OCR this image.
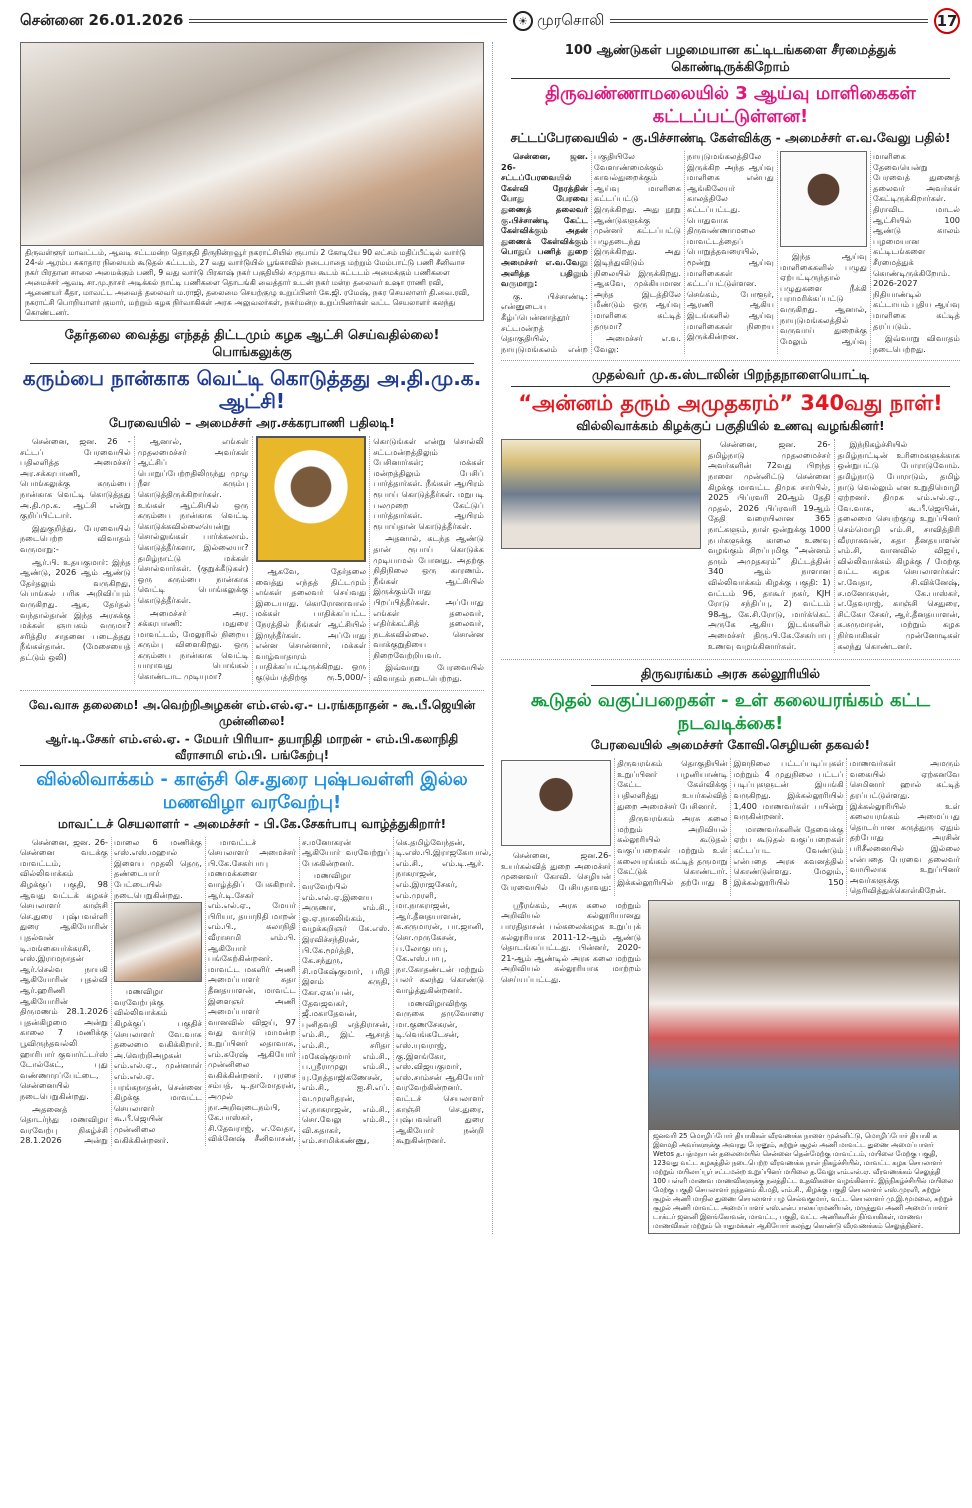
சென்னை 26.01.2026	☀ முரசொலி	17
திருவள்ளூர் மாவட்டம், ஆவடி சட்டமன்ற தொகுதி திருநின்றவூர் நகராட்சியில் ரூபாய் 2 கோடியே 90 லட்சம் மதிப்பீட்டில் வார்டு 24-ல் ஆரம்ப சுகாதார நிலையம் கூடுதல் கட்டடம், 27 வது வார்டுயில் பூங்காவில் நடைபாதை மற்றும் மேம்பாட்டு பணி சீனிவாச நகர் பிரதான சாலை அமைக்கும் பணி, 9 வது வார்டு பிரகாஷ் நகர் பகுதியில் சமுதாய கூடம் கட்டடம் அமைக்கும் பணிகளை அமைச்சர் ஆவடி சா.மு.நாசர் அடிக்கல் நாட்டி பணிகளை தொடங்கி வைத்தார் உடன் நகர் மன்ற தலைவர் உஷா ராணி ரவி, ஆணையர் கீதா, மாவட்ட அவைத் தலைவர் ம.ராஜி, தலைமை செயற்குழு உறுப்பினர் கே.ஜி. ரமேஷ், நகர செயலாளர் தி.வை.ரவி, நகராட்சி பொறியாளர் குமார், மற்றும் கழக நிர்வாகிகள் அரசு அலுவலர்கள், நகர்மன்ற உறுப்பினர்கள் வட்ட செயலாளர் கலந்து கொண்டனர்.
தேர்தலை வைத்து எந்தத் திட்டமும் கழக ஆட்சி செய்வதில்லை! பொங்கலுக்கு
கரும்பை நான்காக வெட்டி கொடுத்தது அ.தி.மு.க. ஆட்சி!
பேரவையில் – அமைச்சர் அர.சக்கரபாணி பதிலடி!

சென்னை, ஜன. 26 - சட்டப் பேரவையில் பதிலளித்த அமைச்சர் அர.சக்கரபாணி, பொங்கலுக்கு கரும்பை நான்காக வெட்டி கொடுத்தது அ.தி.மு.க. ஆட்சி என்று குறிப்பிட்டார்.

இதுகுறித்து, பேரவையில் நடைபெற்ற விவாதம் வருமாறு:-

ஆர்.பி. உதயகுமார்: இந்த ஆண்டு, 2026 ஆம் ஆண்டு தேர்தலும் வருகிறது, பொங்கல் பரிசு அறிவிப்பும் வருகிறது. ஆக, தேர்தல் வந்தால்தான் இந்த அரசுக்கு மக்கள் ஞாபகம் வருமா? சரித்திர சாதனை படைத்தது நீங்கள்தான். (மேசையைத் தட்டும் ஒலி)

ஆனால், எங்கள் முதலமைச்சர் அவர்கள் ஆட்சிப் பொறுப்பேற்றதிலிருந்து முழு நீள கரும்பு கொடுத்திருக்கிறார்கள். உங்கள் ஆட்சியில் ஒரு கரும்பை நான்காக வெட்டி கொடுக்கவில்லையென்று சொல்லுங்கள் பார்க்கலாம். கொடுத்தீர்களா, இல்லையா? தமிழ்நாட்டு மக்கள் சொல்வார்கள். (குறுக்கீடுகள்) ஒரு கரும்பை நான்காக வெட்டி பொங்கலுக்கு கொடுத்தீர்கள்.

அமைச்சர் அர. சக்கரபாணி: மதுரை மாவட்டம், மேலூரில் நிறைய கரும்பு விளைகிறது. ஒரு கரும்பை நான்காக வெட்டி யாராவது பொங்கல் கொண்டாட முடியுமா?

ஆகவே, தேர்தலை வைத்து எந்தத் திட்டமும் எங்கள் தலைவர் செய்வது இடையாது. கொரோனாவால் மக்கள் பாதிக்கப்பட்ட நேரத்தில் நீங்கள் ஆட்சியில் இருந்தீர்கள். அப்போது என்ன சொன்னார், மக்கள் வாழ்வாதாரம் பாதிக்கப்பட்டிருக்கிறது. ஒரு குடும்பத்திற்கு ரூ.5,000/- கொடுங்கள் என்று சொல்லி சட்டமன்றத்திலும் பேசினார்கள்; மக்கள் மன்றத்திலும் பேசிப் பார்த்தார்கள். நீங்கள் ஆயிரம் ரூபாய் கொடுத்தீர்கள். மறுபடி பலமுறை கேட்டுப் பார்த்தார்கள். ஆயிரம் ரூபாய்தான் கொடுத்தீர்கள்.

அதனால், கடந்த ஆண்டு தான் ரூபாய் கொடுக்க முடியாமல் போனது. அதற்கு நிதிநிலை ஒரு காரணம். நீங்கள் ஆட்சியில் இருக்கும்போது பிறப்பித்தீர்கள். அப்போது எங்கள் தலைவர், எதிர்க்கட்சித் தலைவர், நடக்கவில்லை. சொன்ன வாக்குறுதியை நிறைவேற்றியவர்.

இவ்வாறு பேரவையில் விவாதம் நடைபெற்றது.

வே.வாசு தலைமை! அ.வெற்றிஅழகன் எம்.எல்.ஏ.- ப.ரங்கநாதன் - கூ.பீ.ஜெயின் முன்னிலை!
ஆர்.டி.சேகர் எம்.எல்.ஏ. - மேயர் பிரியா- தயாநிதி மாறன் - எம்.பி.கலாநிதி வீராசாமி எம்.பி. பங்கேற்பு!
வில்லிவாக்கம் - காஞ்சி செ.துரை புஷ்பவள்ளி இல்ல மணவிழா வரவேற்பு!
மாவட்டச் செயலாளர் - அமைச்சர் - பி.கே.சேகர்பாபு வாழ்த்துகிறார்!

சென்னை, ஜன. 26- சென்னை வடக்கு மாவட்டம், வில்லிவாக்கம் கிழக்குப் பகுதி, 98 ஆவது வட்டக் கழகச் செயலாளர் காஞ்சி செ.துரை புஷ்பவள்ளி துரை ஆகியோரின் புதல்வன் டி.மங்கையர்க்கரசி, எஸ்.இராமநாதன் ஆர்.செல்வ நாயகி ஆகியோரின் புதல்வி ஆர்.ஹரிணி ஆகியோரின் திருமணம் 28.1.2026 புதன்கிழமை அன்று காலை 7 மணிக்கு பூவிருந்தவல்லி ஹாரிபார் குவார்ட்டர்ஸ் டோல்கேட், புது வண்ணாரப்பேட்டை, சென்னையில் நடைபெறுகின்றது.

அதனைத் தொடர்ந்து மணவிழா வரவேற்பு நிகழ்ச்சி 28.1.2026 அன்று மாலை 6 மணிக்கு எஸ்.எஸ்.மஹால் இளைய முதலி தெரு, தண்டையார் பேட்டையில் நடைபெறுகின்றது.

மணவிழா வரவேற்புக்கு வில்லிவாக்கம் கிழக்குப் பகுதிச் செயலாளர் வே.வாசு தலைமை வகிக்கிறார். அ.வெற்றிஅழகன் எம்.எல்.ஏ., முன்னாள் எம்.எல்.ஏ. பரங்கநாதன், சென்னை கிழக்கு மாவட்ட செயலாளர் கூ.பீ.ஜெயின் முன்னிலை வகிக்கின்றனர்.

மாவட்டச் செயலாளர் அமைச்சர் பி.கே.சேகர்பாபு மணமக்களை வாழ்த்திப் பேசுகிறார். ஆர்.டி.சேகர் எம்.எல்.ஏ., மேயர் பிரியா, தயாநிதி மாறன் எம்.பி., கலாநிதி வீராசாமி எம்.பி. ஆகியோர் பங்கேற்கின்றனர். மாவட்ட மகளிர் அணி அமைப்பாளர் சுதா தீனதயாளன், மாவட்ட இளைஞர் அணி அமைப்பாளர் வானவில் விஜய், 97 வது வார்டு மாமன்ற உறுப்பினர் லதாவாசு, எம்.சுரேஷ் ஆகியோர் முன்னிலை வகிக்கின்றனர். புரசை சம்பத், டி.தாமோதரன், அமுல் நா.அறிவுடைநம்பி, கே.பாஸ்கர், சி.தேவராஜ், எ.வேதா, விக்னேஷ் சீனிவாசன், ச.மனோகரன் ஆகியோர் வரவேற்றுப் பேசுகின்றனர்.

மணவிழா வரவேற்பில் எம்.எல்.ஏ.இளைய அருணா, எம்.சி., ஓ.ஏ.நாகலிங்கம், வழக்கறிஞர் கே.எஸ். இரவிச்சந்திரன், பி.கே.மூர்த்தி, கே.சந்துரு, சி.மகேஷ்குமார், பரிதி இளம் சுருதி, கோ.ஏகப்பன், தேவஜவகர், ஜீ.மகாதேவன், புனிதவதி எத்திராசன், எம்.சி., இட் ஆசாத் எம்.சி., சரிதா மகேஷ்குமார் எம்.சி., ப.ஸ்ரீராமுலு எம்.சி., யு.நேத்தாஜிகணேசன், எம்.சி., ஐ.சி.எப். வ.முரளிதரன், எ.நாகராஜன், எம்.சி., சொ.வேலு எம்.சி., வி.சுதாகர், எம்.சாமிக்கண்ணு, கெ.தமிழ்வேந்தன், டி.எஸ்.பி.இராஜகோபால், எம்.சி., எம்.டி.ஆர். நாகராஜன், எம்.இராஜசேகர், எம்.முரளி, மா.நாகராஜன், ஆர்.தீனதயாளன், க.சுருமாரன், பா.ஜானி, சொ.முருகேசன், ப.லோகுபாபு, கே.எஸ்.பாபு, நா.கோதண்டன் மற்றும் பலர் கலந்து கொண்டு வாழ்த்துகின்றனர்.

மணவிழாவிற்கு வருகை தருவோரை மா.குணசேகரன், டி.வெங்கடேசன், எஸ்.யுவராஜ், கு.இளங்கோ, எஸ்.விஜயகுமார், எஸ்.சாம்சன் ஆகியோர் வரவேற்கின்றனர். வட்டச் செயலாளர் காஞ்சி செ.துரை, புஷ்பவள்ளி துரை ஆகியோர் நன்றி கூறுகின்றனர்.

100 ஆண்டுகள் பழமையான கட்டிடங்களை சீரமைத்துக் கொண்டிருக்கிறோம்
திருவண்ணாமலையில் 3 ஆய்வு மாளிகைகள் கட்டப்பட்டுள்ளன!
சட்டப்பேரவையில் - கு.பிச்சாண்டி கேள்விக்கு - அமைச்சர் எ.வ.வேலு பதில்!

சென்னை, ஜன. 26- சட்டப்பேரவையில் கேள்வி நேரத்தின் போது பேரவை துணைத் தலைவர் கு.பிச்சாண்டி கேட்ட கேள்விக்கும் அதன் துணைக் கேள்விக்கும் பொதுப் பணித் துறை அமைச்சர் எ.வ.வேலு அளித்த பதிலும் வருமாறு:

கு. பிச்சாண்டி: என்னுடைய கீழ்ப்பென்னாத்தூர் சட்டமன்றத் தொகுதியில், நாயுடுமங்கலம் என்ற பகுதியிலே வேளாண்மைக்கும் காவல்துறைக்கும் ஆய்வு மாளிகை கட்டப்பட்டு இருக்கிறது. அது நூறு ஆண்டுகளுக்கு முன்னர் கட்டப்பட்டு பழுதடைந்து இருக்கிறது. அது இடிந்துவிடும் நிலையில் இருக்கிறது. ஆகவே, முக்கியமான அந்த இடத்திலே மீண்டும் ஒரு ஆய்வு மாளிகை கட்டித் தருமா?

அமைச்சர் எ.வ. வேலு: நாயுடுமங்கலத்திலே இருக்கிற அந்த ஆய்வு மாளிகை என்பது ஆங்கிலேயர் காலத்திலே கட்டப்பட்டது. பொதுவாக திருவண்ணாமலை மாவட்டத்தைப் பொறுத்தவரையில், மூன்று ஆய்வு மாளிகைகள் கட்டப்பட்டுள்ளன. செங்கம், போளூர், ஆரணி ஆகிய இடங்களில் ஆய்வு மாளிகைகள் நிறைய இருக்கின்றன.

இந்த ஆய்வு மாளிகைகளில் பழுது ஏற்பட்டிருந்தால் பழுதுகளை நீக்கி பராமரிக்கப்பட்டு வருகிறது. ஆனால், நாயுடுமங்கலத்தில் வருவாய் துறைக்கு மேலும் ஆய்வு மாளிகை தேவையென்று பேரவைத் துணைத் தலைவர் அவர்கள் கேட்டிருக்கிறார்கள். திராவிட மாடல் ஆட்சியில் 100 ஆண்டு காலம் பழமையான கட்டிடங்களை சீரமைத்துக் கொண்டிருக்கிறோம். 2026-2027 நிதியாண்டில் கட்டாயம் புதிய ஆய்வு மாளிகை கட்டித் தரப்படும்.

இவ்வாறு விவாதம் நடைபெற்றது.

முதல்வர் மு.க.ஸ்டாலின் பிறந்தநாளையொட்டி
“அன்னம் தரும் அமுதகரம்” 340வது நாள்!
வில்லிவாக்கம் கிழக்குப் பகுதியில் உணவு வழங்கினர்!

சென்னை, ஜன. 26- தமிழ்நாடு முதலமைச்சர் அவர்களின் 72வது பிறந்த நாளை முன்னிட்டு சென்னை கிழக்கு மாவட்ட திமுக சார்பில், 2025 பிப்ரவரி 20ஆம் தேதி முதல், 2026 பிப்ரவரி 19ஆம் தேதி வரையிலான 365 நாட்களும், நாள் ஒன்றுக்கு 1000 நபர்களுக்கு காலை உணவு வழங்கும் சிறப்புமிகு “அன்னம் தரும் அமுதகரம்” திட்டத்தின் 340 ஆம் நாளான வில்லிவாக்கம் கிழக்கு பகுதி: 1) வட்டம் 96, தாகூர் நகர், KJH ரோடு சந்திப்பு, 2) வட்டம் 98ஆ, கே.சி.ரோடு, மார்க்கெட் அருகே ஆகிய இடங்களில் அமைச்சர் திரு.பி.கே.சேகர்பாபு உணவு வழங்கினார்கள்.

இந்நிகழ்ச்சியில் தமிழ்நாட்டின் உரிமைகளுக்காக ஒன்றுபட்டு போராடுவோம். தமிழ்நாடு போராடும், தமிழ் நாடு வெல்லும் என உறுதிமொழி ஏற்றனர். திமுக எம்.எல்.ஏ., வே.வாசு, கூ.பீ.ஜெயின், தலைமை செயற்குழு உறுப்பினர் செம்மொழி எம்.சி, சாவித்திரி வீரராகவன், சுதா தீனதயாளன் எம்.சி, வானவில் விஜய், வில்லிவாக்கம் கிழக்கு / மேற்கு வட்ட கழக செயலாளர்கள்: எ.வேதா, சி.விக்னேஷ், ச.மனோகரன், கே.பாஸ்கர், எ.தேவராஜ், காஞ்சி செதுரை, சிட்கோ சேகர், ஆர்.தீனதயாளன், க.சுருமாரன், மற்றும் கழக நிர்வாகிகள் முன்னோடிகள் கலந்து கொண்டனர்.

திருவரங்கம் அரசு கல்லூரியில்
கூடுதல் வகுப்பறைகள் - உள் கலையரங்கம் கட்ட நடவடிக்கை!
பேரவையில் அமைச்சர் கோவி.செழியன் தகவல்!

சென்னை, ஜன.26- உயர்கல்வித் துறை அமைச்சர் முனைவர் கோவி. செழியன் பேரவையில் பேசியதாவது: திருவரங்கம் தொகுதியின் உறுப்பினர் பழனியாண்டி கேட்ட கேள்விக்கு பதிலளித்து உயர்கல்வித் துறை அமைச்சர் பேசினார்.

திருவரங்கம் அரசு கலை மற்றும் அறிவியல் கல்லூரியில் கூடுதல் வகுப்பறைகள் மற்றும் உள் கலையரங்கம் கட்டித் தருமாறு கேட்டுக் கொண்டார். இக்கல்லூரியில் தற்போது 8 இளநிலை பட்டப்படிப்புகள் மற்றும் 4 முதுநிலை பட்டப் படிப்புகளுடன் இயங்கி வருகிறது. இக்கல்லூரியில் 1,400 மாணவர்கள் பயின்று வருகின்றனர்.

மாணவர்களின் தேவைக்கு ஏற்ப கூடுதல் வகுப்பறைகள் கட்டப்பட வேண்டும் என்பதை அரசு கவனத்தில் கொண்டுள்ளது. மேலும், இக்கல்லூரியில் 150 மாணவர்கள் அமரும் வகையில் ஏற்கனவே செமினார் ஹால் கட்டித் தரப்பட்டுள்ளது. இக்கல்லூரியில் உள் கலையரங்கம் அமைப்பது தொடர்பான கருத்துரு ஏதும் தற்போது அரசின் பரிசீலனையில் இல்லை என்பதை பேரவை தலைவர் வாயிலாக உறுப்பினர் அவர்களுக்கு தெரிவித்துக்கொள்கிறேன்.

ஸ்ரீரங்கம், அரசு கலை மற்றும் அறிவியல் கல்லூரியானது பாரதிதாசன் பல்கலைக்கழக உறுப்புக் கல்லூரியாக 2011-12-ஆம் ஆண்டு தொடங்கப்பட்டது. பின்னர், 2020-21-ஆம் ஆண்டில் அரசு கலை மற்றும் அறிவியல் கல்லூரியாக மாற்றம் செய்யப்பட்டது.

ஜனவரி 25 மொழிப்போர் தியாகிகள் வீரவணக்க நாளை முன்னிட்டு, மொழிப்போர் தியாகி க இளமதி அவர்களுக்கு அவரது பேரனும், சுற்றுச் சூழல் அணி மாவட்ட துணை அமைப்பாளர் Wetos த.பத்மநாபன் தலைமையில் சென்னை தென்மேற்கு மாவட்டம், மயிலை மேற்கு பகுதி, 123வது வட்ட கழகத்தில் நடைபெற்ற வீரவணக்க நாள் நிகழ்ச்சியில், மாவட்ட கழக செயலாளர் மற்றும் மயிலாப்பூர் சட்டமன்ற உறுப்பினர் மயிலை த.வேலு எம்.எல்.ஏ. வீரவணக்கம் செலுத்தி 100 பள்ளி மாணவ மாணவிகளுக்கு நலத்திட்ட உதவிகளை வழங்கினார். இந்நிகழ்ச்சியில் மயிலை மேற்கு பகுதி செயலாளர் நந்தனம் கி.மதி, எம்.சி., கிழக்கு பகுதி செயலாளர் எஸ்.முரளி, சுற்றுச் சூழல் அணி மாநில துணை செயலாளர் பழ செல்வகுமார், வட்ட செயலாளர் மு.இ.மூமலை, சுற்றுச் சூழல் அணி மாவட்ட அமைப்பாளர் எஸ்.என்.பாலசுப்ரமணியன், மருத்துவ அணி அமைப்பாளர் டாக்டர் ஜனனி இளங்கோவன், மாவட்ட, பகுதி, வட்ட அணிகளின் நிர்வாகிகள், மாணவ மாணவிகள் மற்றும் பொதுமக்கள் ஆகியோர் கலந்து கொண்டு வீரவணக்கம் செலுத்தினர்.
